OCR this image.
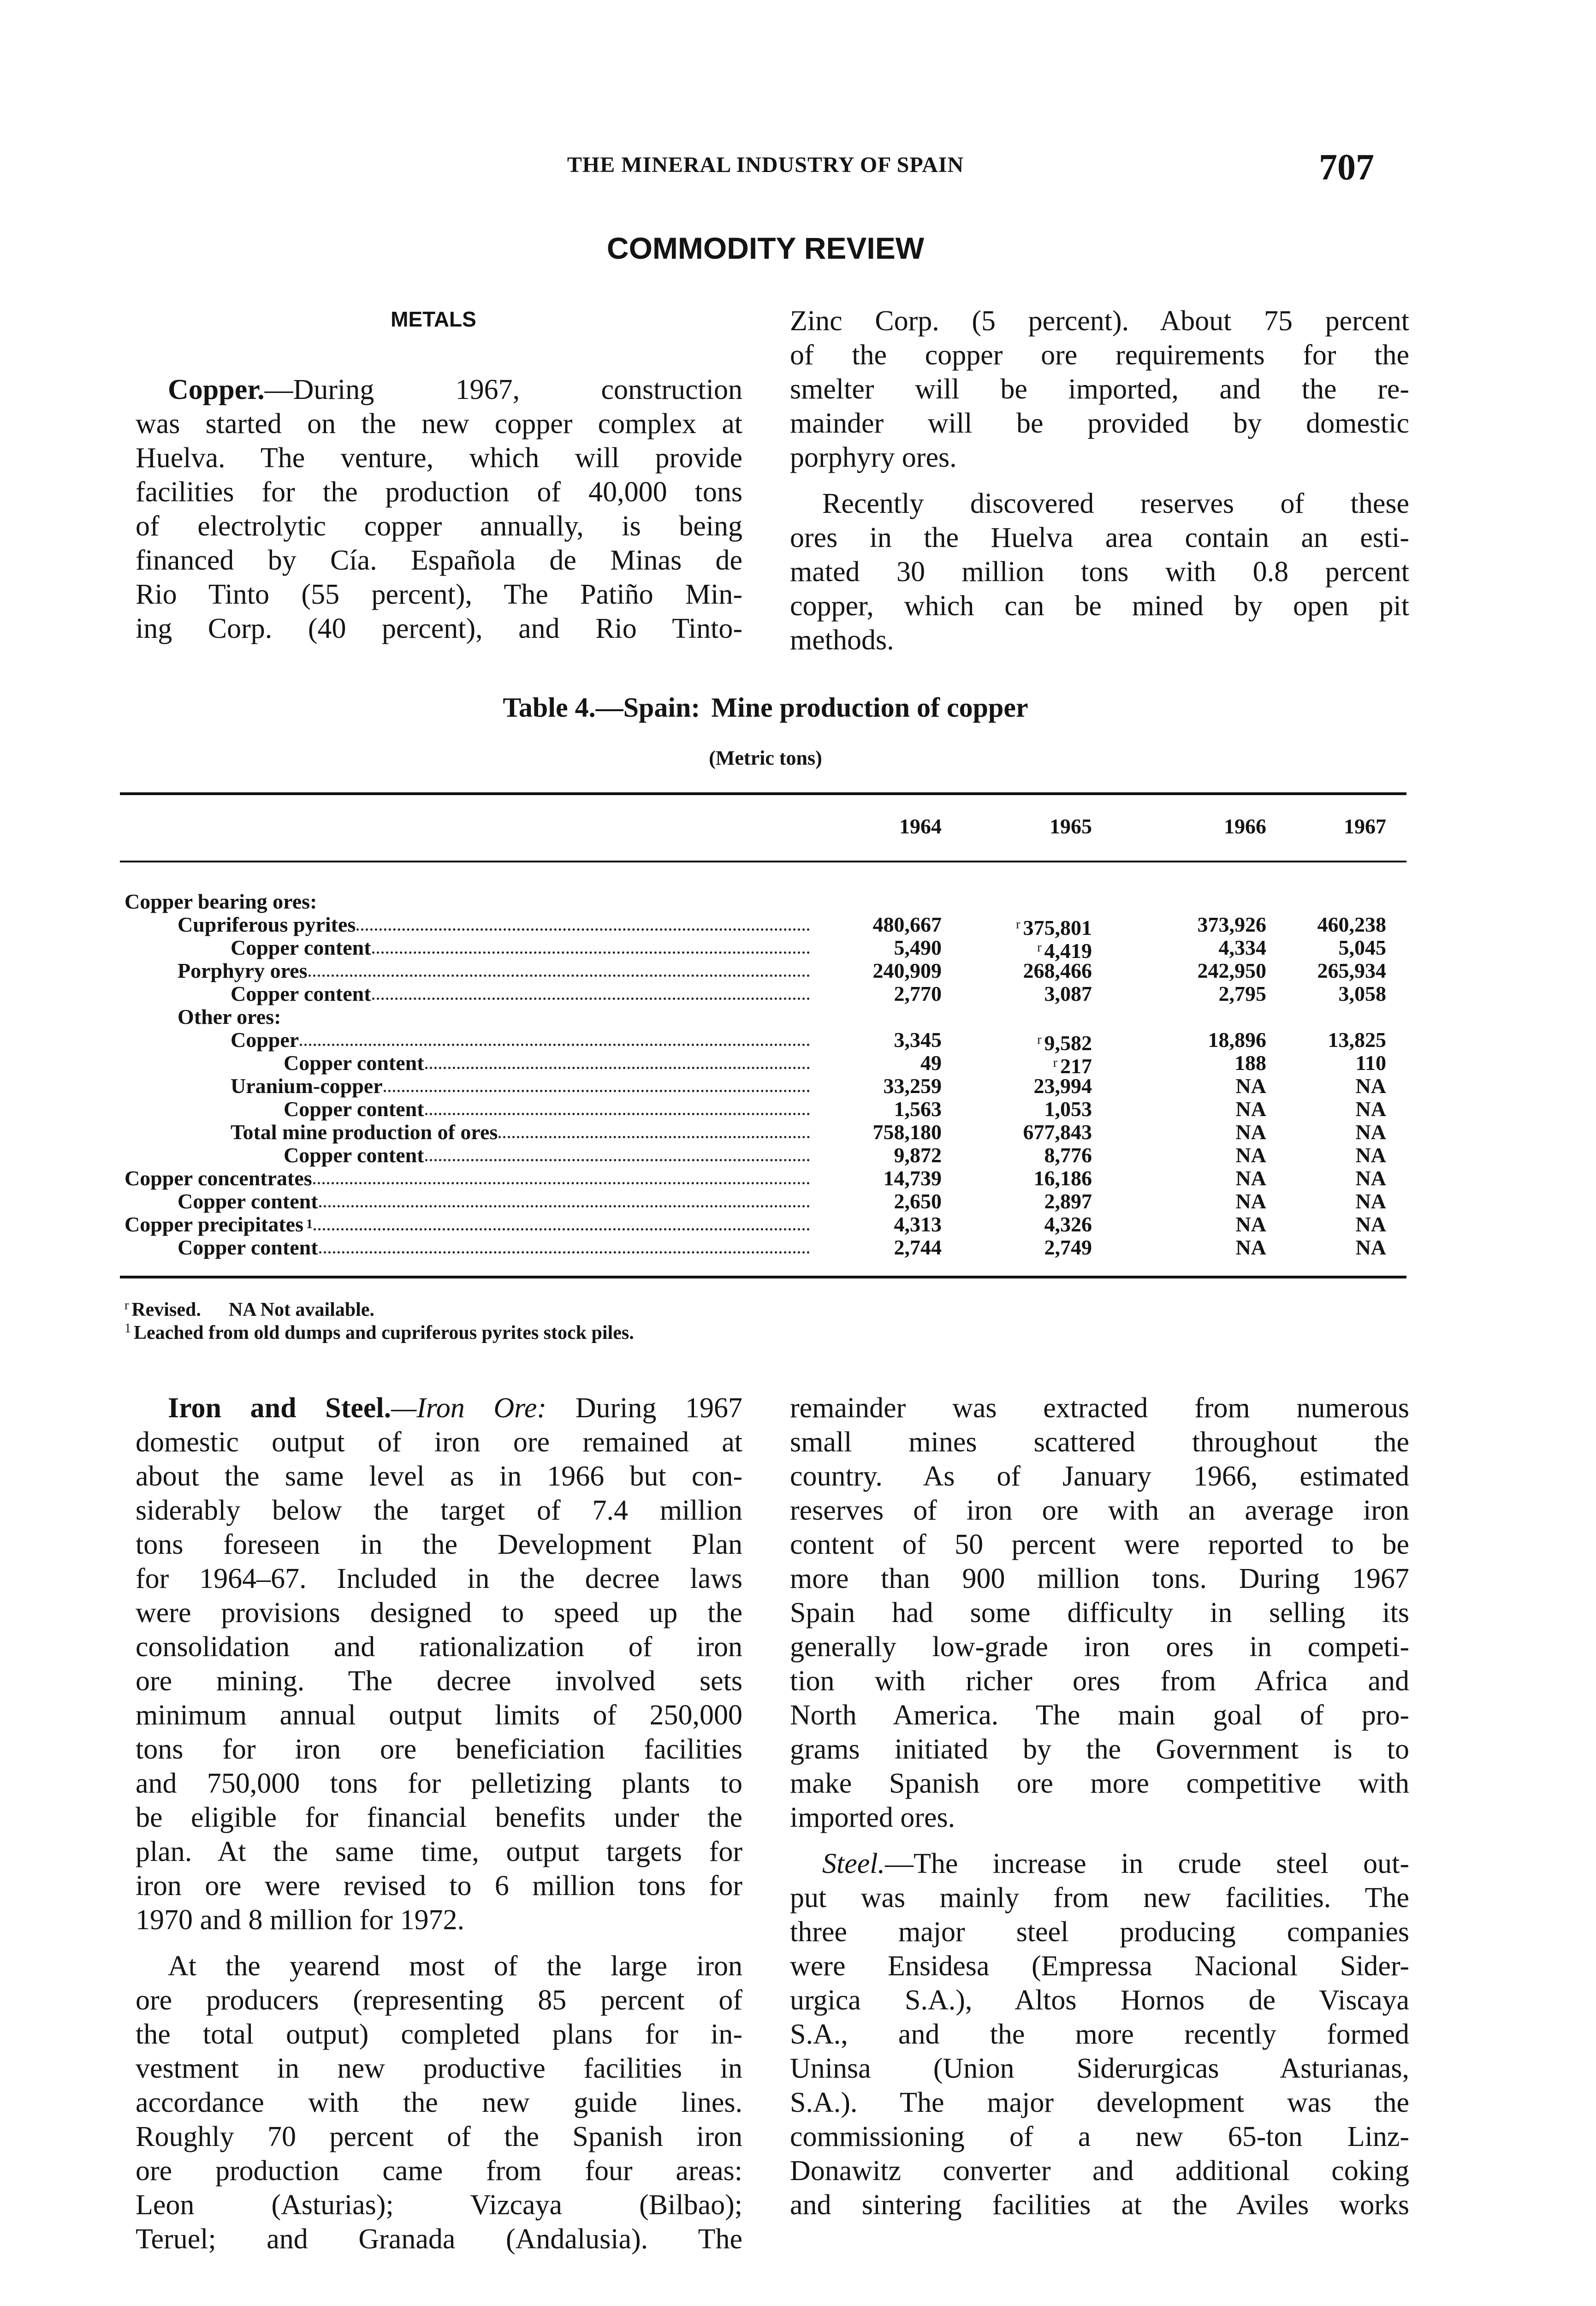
THE MINERAL INDUSTRY OF SPAIN	707
COMMODITY REVIEW
METALS
Copper.—During 1967, construction
was started on the new copper complex at
Huelva. The venture, which will provide
facilities for the production of 40,000 tons
of electrolytic copper annually, is being
financed by Cía. Española de Minas de
Rio Tinto (55 percent), The Patiño Min-
ing Corp. (40 percent), and Rio Tinto-
Zinc Corp. (5 percent). About 75 percent
of the copper ore requirements for the
smelter will be imported, and the re-
mainder will be provided by domestic
porphyry ores.
Recently discovered reserves of these
ores in the Huelva area contain an esti-
mated 30 million tons with 0.8 percent
copper, which can be mined by open pit
methods.
Table 4.—Spain: Mine production of copper
(Metric tons)
1964	1965	1966	1967
Copper bearing ores:
Cupriferous pyrites	480,667	$^r$ 375,801	373,926	460,238
Copper content	5,490	$^r$ 4,419	4,334	5,045
Porphyry ores	240,909	268,466	242,950	265,934
Copper content	2,770	3,087	2,795	3,058
Other ores:
Copper	3,345	$^r$ 9,582	18,896	13,825
Copper content	49	$^r$ 217	188	110
Uranium-copper	33,259	23,994	NA	NA
Copper content	1,563	1,053	NA	NA
Total mine production of ores	758,180	677,843	NA	NA
Copper content	9,872	8,776	NA	NA
Copper concentrates	14,739	16,186	NA	NA
Copper content	2,650	2,897	NA	NA
Copper precipitates 1	4,313	4,326	NA	NA
Copper content	2,744	2,749	NA	NA
$^r$ Revised. NA Not available.
$^1$ Leached from old dumps and cupriferous pyrites stock piles.
Iron and Steel.—Iron Ore: During 1967
domestic output of iron ore remained at
about the same level as in 1966 but con-
siderably below the target of 7.4 million
tons foreseen in the Development Plan
for 1964–67. Included in the decree laws
were provisions designed to speed up the
consolidation and rationalization of iron
ore mining. The decree involved sets
minimum annual output limits of 250,000
tons for iron ore beneficiation facilities
and 750,000 tons for pelletizing plants to
be eligible for financial benefits under the
plan. At the same time, output targets for
iron ore were revised to 6 million tons for
1970 and 8 million for 1972.
At the yearend most of the large iron
ore producers (representing 85 percent of
the total output) completed plans for in-
vestment in new productive facilities in
accordance with the new guide lines.
Roughly 70 percent of the Spanish iron
ore production came from four areas:
Leon (Asturias); Vizcaya (Bilbao);
Teruel; and Granada (Andalusia). The
remainder was extracted from numerous
small mines scattered throughout the
country. As of January 1966, estimated
reserves of iron ore with an average iron
content of 50 percent were reported to be
more than 900 million tons. During 1967
Spain had some difficulty in selling its
generally low-grade iron ores in competi-
tion with richer ores from Africa and
North America. The main goal of pro-
grams initiated by the Government is to
make Spanish ore more competitive with
imported ores.
Steel.—The increase in crude steel out-
put was mainly from new facilities. The
three major steel producing companies
were Ensidesa (Empressa Nacional Sider-
urgica S.A.), Altos Hornos de Viscaya
S.A., and the more recently formed
Uninsa (Union Siderurgicas Asturianas,
S.A.). The major development was the
commissioning of a new 65-ton Linz-
Donawitz converter and additional coking
and sintering facilities at the Aviles works
